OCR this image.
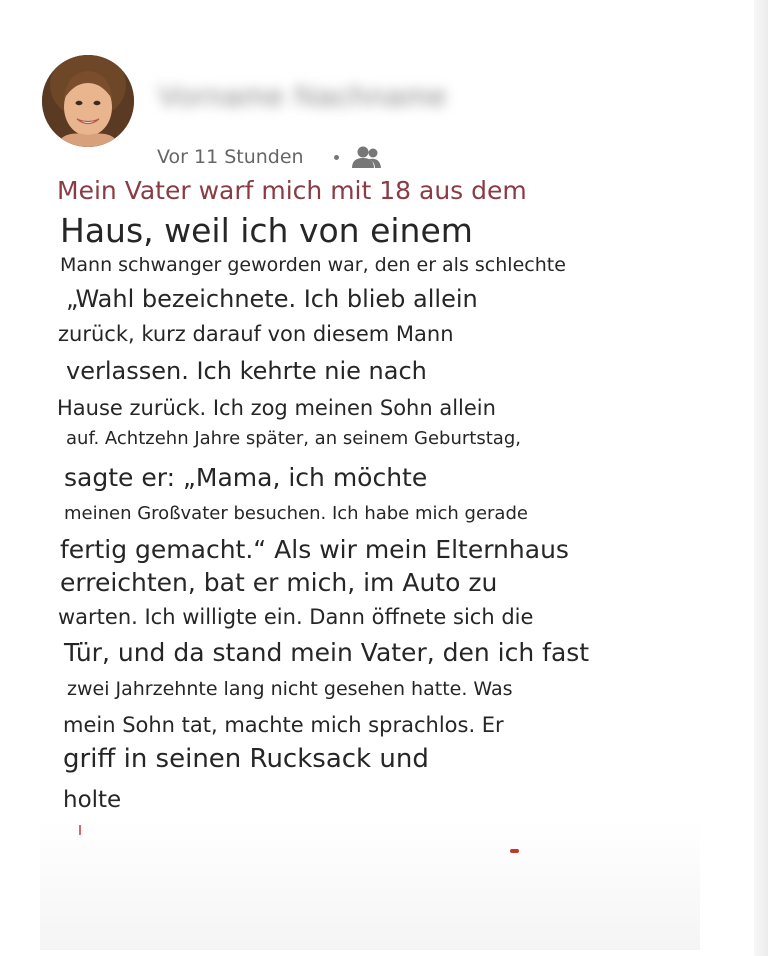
Vorname Nachname
Vor 11 Stunden
Mein Vater warf mich mit 18 aus dem
Haus, weil ich von einem
Mann schwanger geworden war, den er als schlechte
„Wahl bezeichnete. Ich blieb allein
zurück, kurz darauf von diesem Mann
verlassen. Ich kehrte nie nach
Hause zurück. Ich zog meinen Sohn allein
auf. Achtzehn Jahre später, an seinem Geburtstag,
sagte er: „Mama, ich möchte
meinen Großvater besuchen. Ich habe mich gerade
fertig gemacht.“ Als wir mein Elternhaus
erreichten, bat er mich, im Auto zu
warten. Ich willigte ein. Dann öffnete sich die
Tür, und da stand mein Vater, den ich fast
zwei Jahrzehnte lang nicht gesehen hatte. Was
mein Sohn tat, machte mich sprachlos. Er
griff in seinen Rucksack und
holte
